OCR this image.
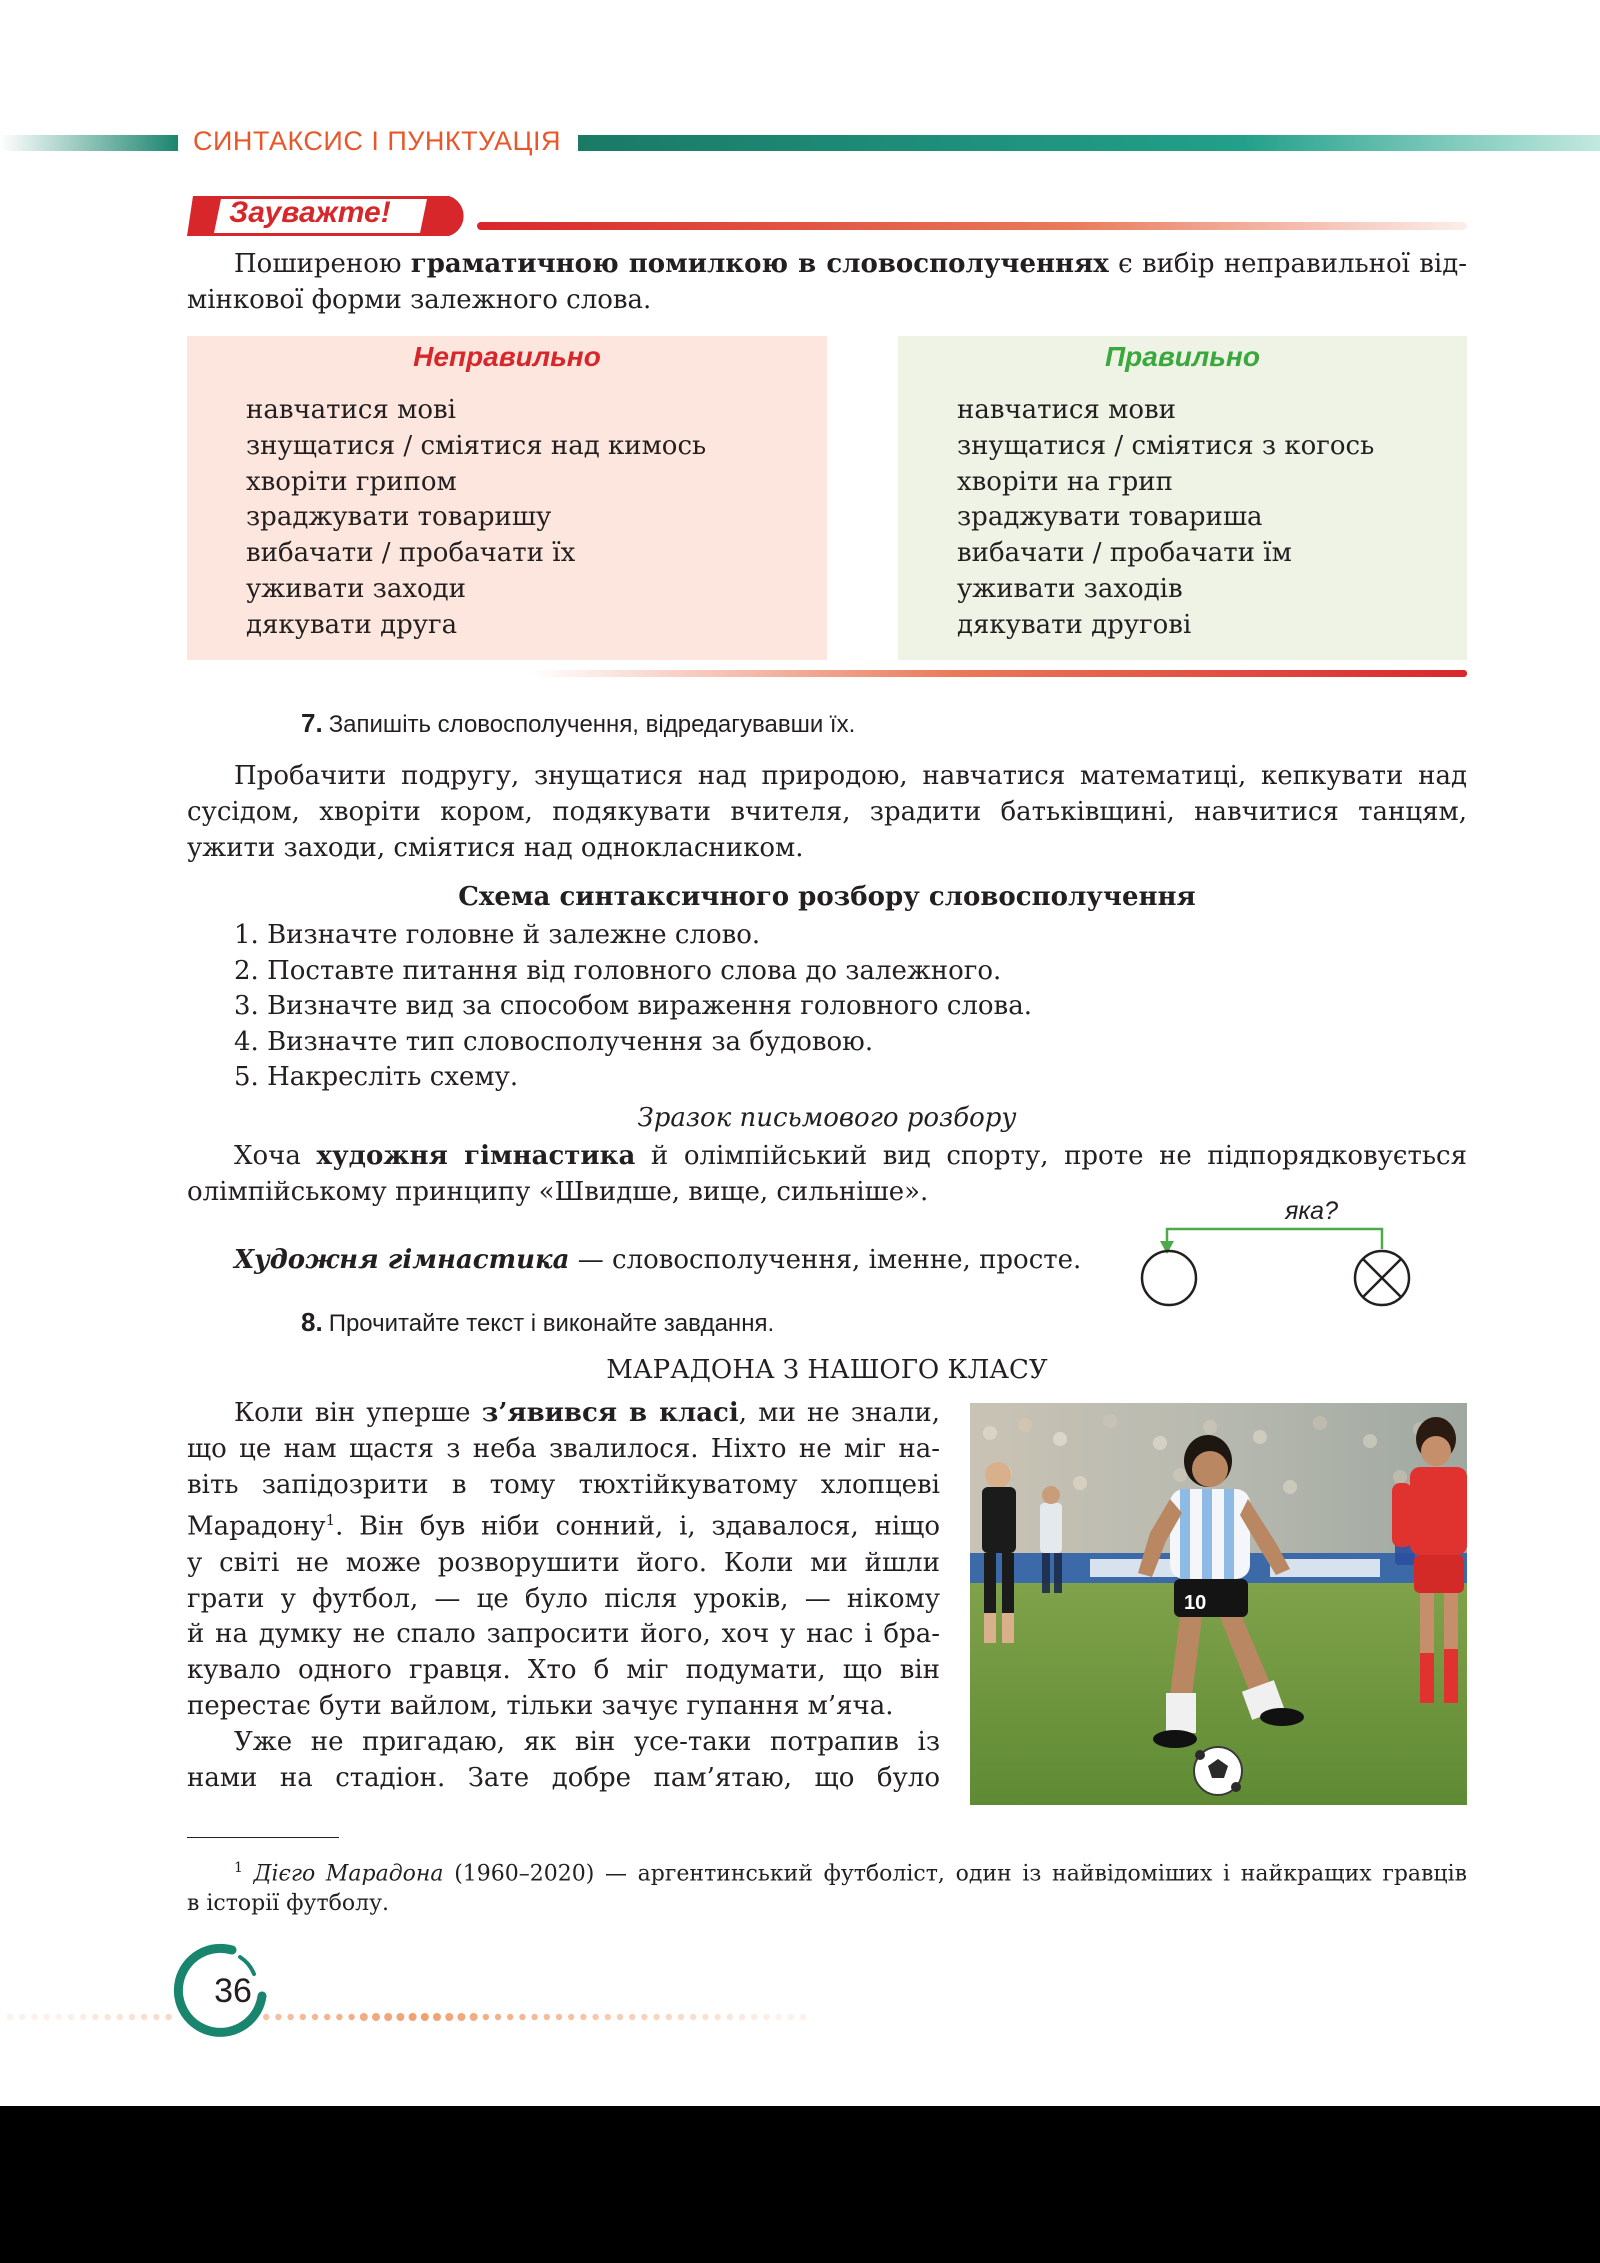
СИНТАКСИС І ПУНКТУАЦІЯ
Зауважте!
Поширеною граматичною помилкою в словосполученнях є вибір неправильної від-
мінкової форми залежного слова.
Неправильно
навчатися мові
знущатися / сміятися над кимось
хворіти грипом
зраджувати товаришу
вибачати / пробачати їх
уживати заходи
дякувати друга
Правильно
навчатися мови
знущатися / сміятися з когось
хворіти на грип
зраджувати товариша
вибачати / пробачати їм
уживати заходів
дякувати другові
7. Запишіть словосполучення, відредагувавши їх.
Пробачити подругу, знущатися над природою, навчатися математиці, кепкувати над
сусідом, хворіти кором, подякувати вчителя, зрадити батьківщині, навчитися танцям,
ужити заходи, сміятися над однокласником.
Схема синтаксичного розбору словосполучення
1. Визначте головне й залежне слово.
2. Поставте питання від головного слова до залежного.
3. Визначте вид за способом вираження головного слова.
4. Визначте тип словосполучення за будовою.
5. Накресліть схему.
Зразок письмового розбору
Хоча художня гімнастика й олімпійський вид спорту, проте не підпорядковується
олімпійському принципу «Швидше, вище, сильніше».
Художня гімнастика — словосполучення, іменне, просте.
яка?
8. Прочитайте текст і виконайте завдання.
МАРАДОНА З НАШОГО КЛАСУ
Коли він уперше з’явився в класі, ми не знали,
що це нам щастя з неба звалилося. Ніхто не міг на-
віть запідозрити в тому тюхтійкуватому хлопцеві
Марадону$^1$. Він був ніби сонний, і, здавалося, ніщо
у світі не може розворушити його. Коли ми йшли
грати у футбол, — це було після уроків, — нікому
й на думку не спало запросити його, хоч у нас і бра-
кувало одного гравця. Хто б міг подумати, що він
перестає бути вайлом, тільки зачує гупання м’яча.
Уже не пригадаю, як він усе-таки потрапив із
нами на стадіон. Зате добре пам’ятаю, що було
10
$^1$ Дієго Марадона (1960–2020) — аргентинський футболіст, один із найвідоміших і найкращих гравців
в історії футболу.
36
